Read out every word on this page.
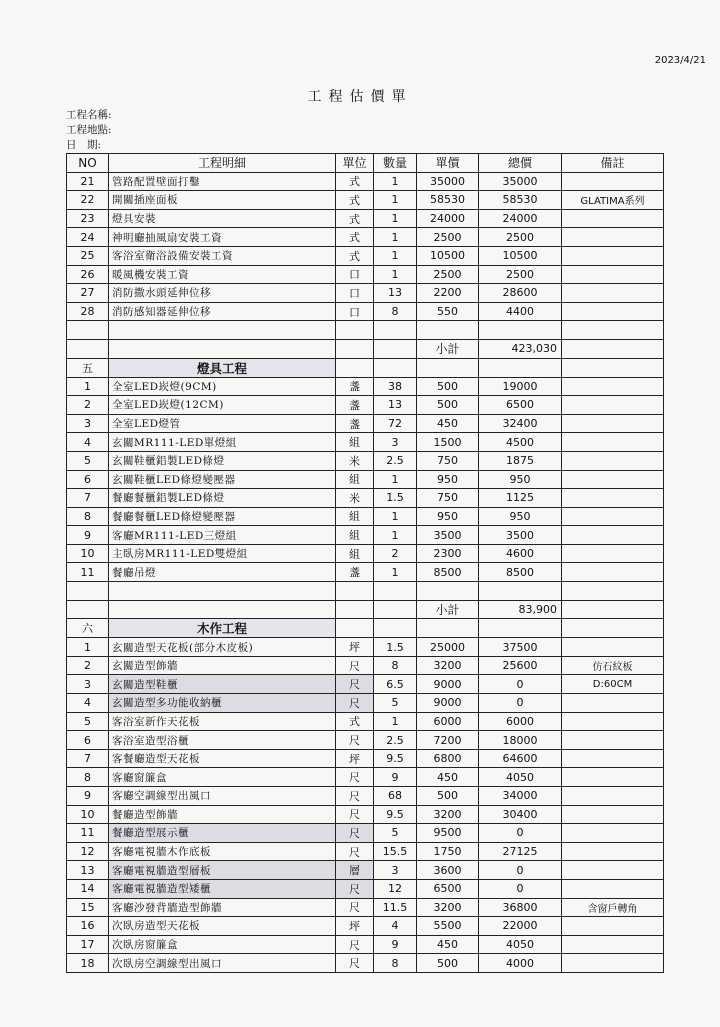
2023/4/21
工程估價單
工程名稱:
工程地點:
日　期:
NO	工程明細	單位	數量	單價	總價	備註
21	管路配置壁面打鑿	式	1	35000	35000	
22	開關插座面板	式	1	58530	58530	GLATIMA系列
23	燈具安裝	式	1	24000	24000	
24	神明廳抽風扇安裝工資	式	1	2500	2500	
25	客浴室衛浴設備安裝工資	式	1	10500	10500	
26	暖風機安裝工資	口	1	2500	2500	
27	消防撒水頭延伸位移	口	13	2200	28600	
28	消防感知器延伸位移	口	8	550	4400	

				小計	423,030	
五	燈具工程					
1	全室LED崁燈(9CM)	盞	38	500	19000	
2	全室LED崁燈(12CM)	盞	13	500	6500	
3	全室LED燈管	盞	72	450	32400	
4	玄關MR111-LED單燈組	組	3	1500	4500	
5	玄關鞋櫃鋁製LED條燈	米	2.5	750	1875	
6	玄關鞋櫃LED條燈變壓器	組	1	950	950	
7	餐廳餐櫃鋁製LED條燈	米	1.5	750	1125	
8	餐廳餐櫃LED條燈變壓器	組	1	950	950	
9	客廳MR111-LED三燈組	組	1	3500	3500	
10	主臥房MR111-LED雙燈組	組	2	2300	4600	
11	餐廳吊燈	盞	1	8500	8500	

				小計	83,900	
六	木作工程					
1	玄關造型天花板(部分木皮板)	坪	1.5	25000	37500	
2	玄關造型飾牆	尺	8	3200	25600	仿石紋板
3	玄關造型鞋櫃	尺	6.5	9000	0	D:60CM
4	玄關造型多功能收納櫃	尺	5	9000	0	
5	客浴室新作天花板	式	1	6000	6000	
6	客浴室造型浴櫃	尺	2.5	7200	18000	
7	客餐廳造型天花板	坪	9.5	6800	64600	
8	客廳窗簾盒	尺	9	450	4050	
9	客廳空調線型出風口	尺	68	500	34000	
10	餐廳造型飾牆	尺	9.5	3200	30400	
11	餐廳造型展示櫃	尺	5	9500	0	
12	客廳電視牆木作底板	尺	15.5	1750	27125	
13	客廳電視牆造型層板	層	3	3600	0	
14	客廳電視牆造型矮櫃	尺	12	6500	0	
15	客廳沙發背牆造型飾牆	尺	11.5	3200	36800	含窗戶轉角
16	次臥房造型天花板	坪	4	5500	22000	
17	次臥房窗簾盒	尺	9	450	4050	
18	次臥房空調線型出風口	尺	8	500	4000	
